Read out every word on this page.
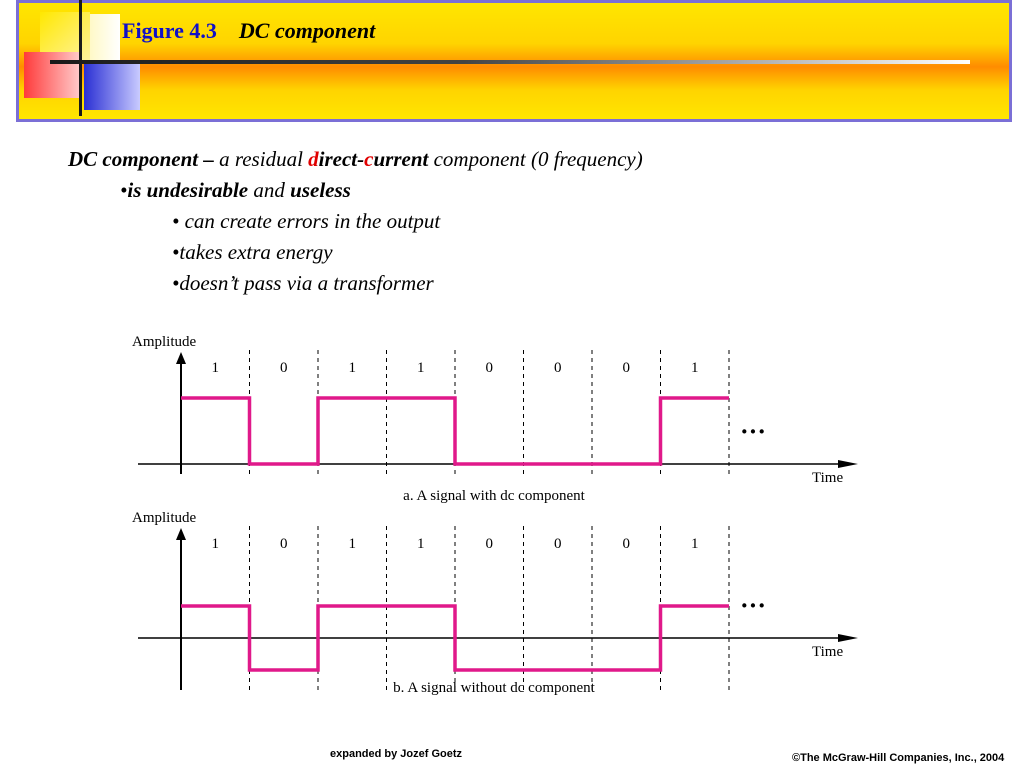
Figure 4.3 DC component
DC component – a residual direct-current component (0 frequency)
•is undesirable and useless
• can create errors in the output
•takes extra energy
•doesn’t pass via a transformer
Amplitude
Time
1	0	1	1	0	0	0	1
···
a. A signal with dc component
Amplitude
Time
1	0	1	1	0	0	0	1
···
b. A signal without dc component
expanded by Jozef Goetz	©The McGraw-Hill Companies, Inc., 2004
